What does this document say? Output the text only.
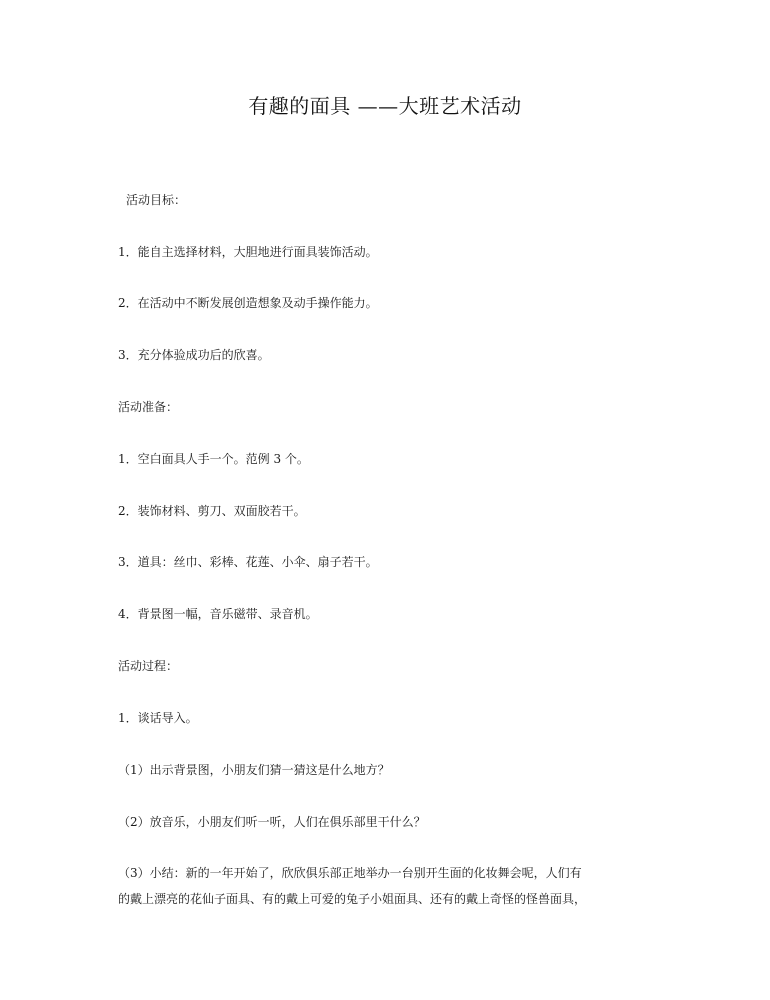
有趣的面具 ——大班艺术活动

活动目标：

1．能自主选择材料，大胆地进行面具装饰活动。

2．在活动中不断发展创造想象及动手操作能力。

3．充分体验成功后的欣喜。

活动准备：

1．空白面具人手一个。范例 3 个。

2．装饰材料、剪刀、双面胶若干。

3．道具：丝巾、彩棒、花莲、小伞、扇子若干。

4．背景图一幅，音乐磁带、录音机。

活动过程：

1．谈话导入。

（1）出示背景图，小朋友们猜一猜这是什么地方？

（2）放音乐，小朋友们听一听，人们在俱乐部里干什么？

（3）小结：新的一年开始了，欣欣俱乐部正地举办一台别开生面的化妆舞会呢，人们有

的戴上漂亮的花仙子面具、有的戴上可爱的兔子小姐面具、还有的戴上奇怪的怪兽面具，
